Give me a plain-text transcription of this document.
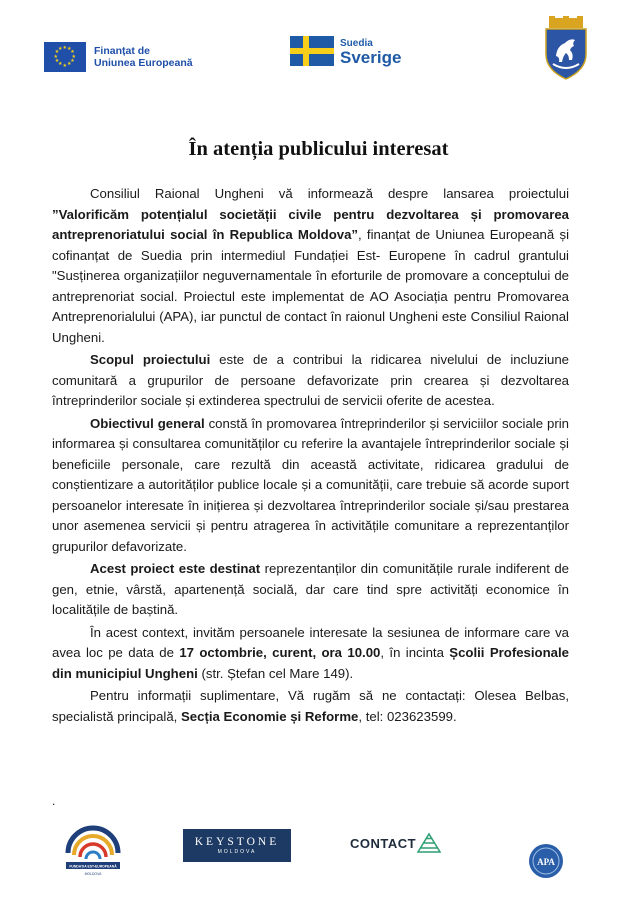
★
★
★
★
★
★
★
★
★ ★ ★
★ Finanțat de
Uniunea Europeană
Suedia
Sverige
În atenția publicului interesat

Consiliul Raional Ungheni vă informează despre lansarea proiectului ”Valorificăm potențialul societății civile pentru dezvoltarea și promovarea antreprenoriatului social în Republica Moldova”, finanțat de Uniunea Europeană și cofinanțat de Suedia prin intermediul Fundației Est- Europene în cadrul grantului "Susținerea organizațiilor neguvernamentale în eforturile de promovare a conceptului de antreprenoriat social. Proiectul este implementat de AO Asociația pentru Promovarea Antreprenorialului (APA), iar punctul de contact în raionul Ungheni este Consiliul Raional Ungheni.

Scopul proiectului este de a contribui la ridicarea nivelului de incluziune comunitară a grupurilor de persoane defavorizate prin crearea și dezvoltarea întreprinderilor sociale și extinderea spectrului de servicii oferite de acestea.

Obiectivul general constă în promovarea întreprinderilor și serviciilor sociale prin informarea și consultarea comunităților cu referire la avantajele întreprinderilor sociale și beneficiile personale, care rezultă din această activitate, ridicarea gradului de conștientizare a autorităților publice locale și a comunității, care trebuie să acorde suport persoanelor interesate în inițierea și dezvoltarea întreprinderilor sociale și/sau prestarea unor asemenea servicii și pentru atragerea în activitățile comunitare a reprezentanților grupurilor defavorizate.

Acest proiect este destinat reprezentanților din comunitățile rurale indiferent de gen, etnie, vârstă, apartenență socială, dar care tind spre activități economice în localitățile de baștină.

În acest context, invităm persoanele interesate la sesiunea de informare care va avea loc pe data de 17 octombrie, curent, ora 10.00, în incinta Școlii Profesionale din municipiul Ungheni (str. Ștefan cel Mare 149).

Pentru informații suplimentare, Vă rugăm să ne contactați: Olesea Belbas, specialistă principală, Secția Economie și Reforme, tel: 023623599.

.
FUNDAȚIA EST-EUROPEANĂ
MOLDOVA
KEYSTONE
MOLDOVA
CONTACT
APA
